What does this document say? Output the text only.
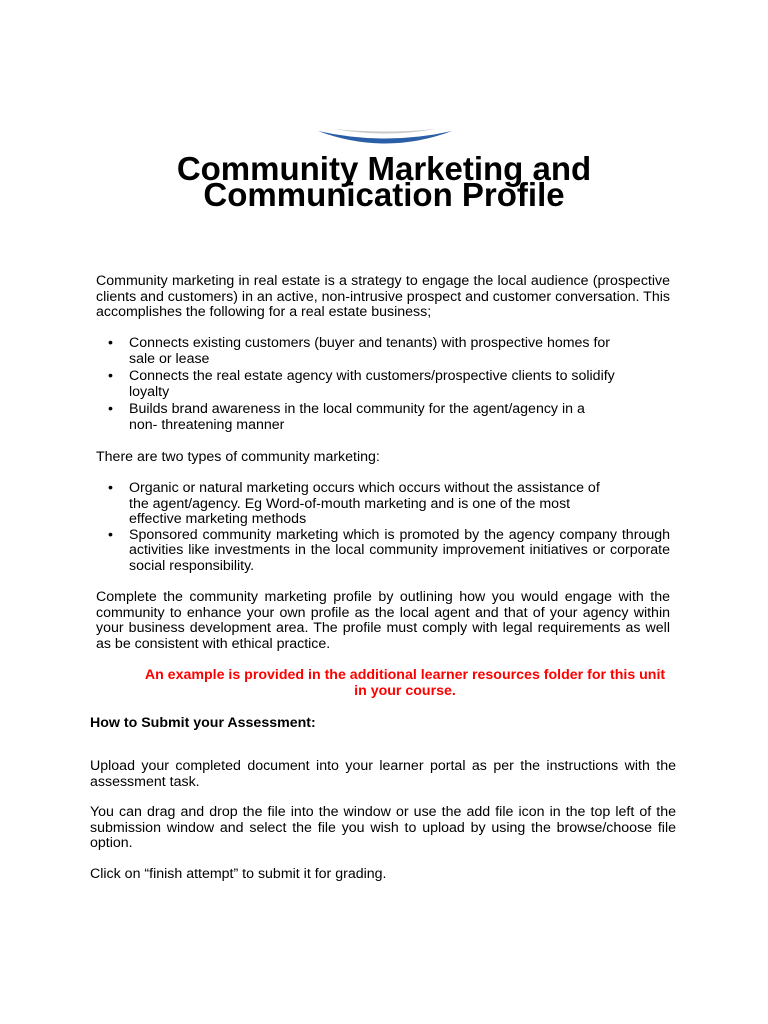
Community Marketing and
Communication Profile

Community marketing in real estate is a strategy to engage the local audience (prospective clients and customers) in an active, non-intrusive prospect and customer conversation. This accomplishes the following for a real estate business;

• Connects existing customers (buyer and tenants) with prospective homes for
sale or lease
• Connects the real estate agency with customers/prospective clients to solidify
loyalty
• Builds brand awareness in the local community for the agent/agency in a
non- threatening manner

There are two types of community marketing:

• Organic or natural marketing occurs which occurs without the assistance of
the agent/agency. Eg Word-of-mouth marketing and is one of the most
effective marketing methods
• Sponsored community marketing which is promoted by the agency company through activities like investments in the local community improvement initiatives or corporate social responsibility.

Complete the community marketing profile by outlining how you would engage with the community to enhance your own profile as the local agent and that of your agency within your business development area. The profile must comply with legal requirements as well as be consistent with ethical practice.

An example is provided in the additional learner resources folder for this unit in your course.
How to Submit your Assessment:

Upload your completed document into your learner portal as per the instructions with the assessment task.

You can drag and drop the file into the window or use the add file icon in the top left of the submission window and select the file you wish to upload by using the browse/choose file option.

Click on “finish attempt” to submit it for grading.
